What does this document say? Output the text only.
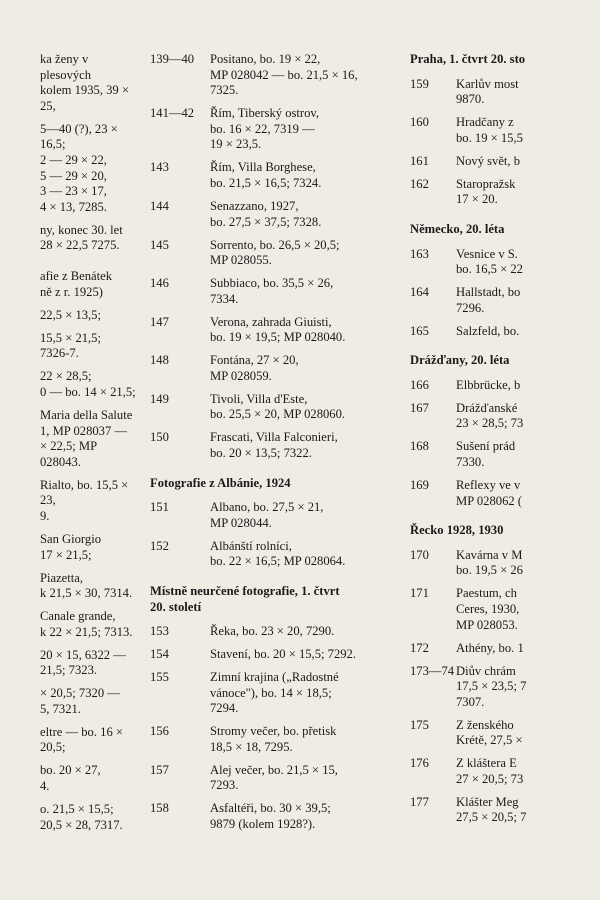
ka ženy v plesových
kolem 1935, 39 × 25,
5—40 (?), 23 × 16,5;
2 — 29 × 22,
5 — 29 × 20,
3 — 23 × 17,
4 × 13, 7285.
ny, konec 30. let
28 × 22,5 7275.
afie z Benátek
ně z r. 1925)
22,5 × 13,5;
15,5 × 21,5;
7326-7.
22 × 28,5;
0 — bo. 14 × 21,5;
Maria della Salute
1, MP 028037 —
× 22,5; MP 028043.
Rialto, bo. 15,5 × 23,
9.
San Giorgio
17 × 21,5;
Piazetta,
k 21,5 × 30, 7314.
Canale grande,
k 22 × 21,5; 7313.
20 × 15, 6322 —
21,5; 7323.
× 20,5; 7320 —
5, 7321.
eltre — bo. 16 × 20,5;
bo. 20 × 27,
4.
o. 21,5 × 15,5;
20,5 × 28, 7317.
139—40	Positano, bo. 19 × 22,
MP 028042 — bo. 21,5 × 16,
7325.
141—42	Řím, Tiberský ostrov,
bo. 16 × 22, 7319 —
19 × 23,5.
143	Řím, Villa Borghese,
bo. 21,5 × 16,5; 7324.
144	Senazzano, 1927,
bo. 27,5 × 37,5; 7328.
145	Sorrento, bo. 26,5 × 20,5;
MP 028055.
146	Subbiaco, bo. 35,5 × 26,
7334.
147	Verona, zahrada Giuisti,
bo. 19 × 19,5; MP 028040.
148	Fontána, 27 × 20,
MP 028059.
149	Tivoli, Villa d'Este,
bo. 25,5 × 20, MP 028060.
150	Frascati, Villa Falconieri,
bo. 20 × 13,5; 7322.
Fotografie z Albánie, 1924
151	Albano, bo. 27,5 × 21,
MP 028044.
152	Albánští rolníci,
bo. 22 × 16,5; MP 028064.
Místně neurčené fotografie, 1. čtvrt
20. století
153	Řeka, bo. 23 × 20, 7290.
154	Stavení, bo. 20 × 15,5; 7292.
155	Zimní krajina („Radostné
vánoce"), bo. 14 × 18,5;
7294.
156	Stromy večer, bo. přetisk
18,5 × 18, 7295.
157	Alej večer, bo. 21,5 × 15,
7293.
158	Asfaltéři, bo. 30 × 39,5;
9879 (kolem 1928?).
Praha, 1. čtvrt 20. sto
159	Karlův most
9870.
160	Hradčany z
bo. 19 × 15,5
161	Nový svět, b
162	Staropražsk
17 × 20.
Německo, 20. léta
163	Vesnice v S.
bo. 16,5 × 22
164	Hallstadt, bo
7296.
165	Salzfeld, bo.
Drážďany, 20. léta
166	Elbbrücke, b
167	Drážďanské
23 × 28,5; 73
168	Sušení prád
7330.
169	Reflexy ve v
MP 028062 (
Řecko 1928, 1930
170	Kavárna v M
bo. 19,5 × 26
171	Paestum, ch
Ceres, 1930,
MP 028053.
172	Athény, bo. 1
173—74 Diův chrám
17,5 × 23,5; 7
7307.
175	Z ženského
Krétě, 27,5 ×
176	Z kláštera E
27 × 20,5; 73
177	Klášter Meg
27,5 × 20,5; 7
